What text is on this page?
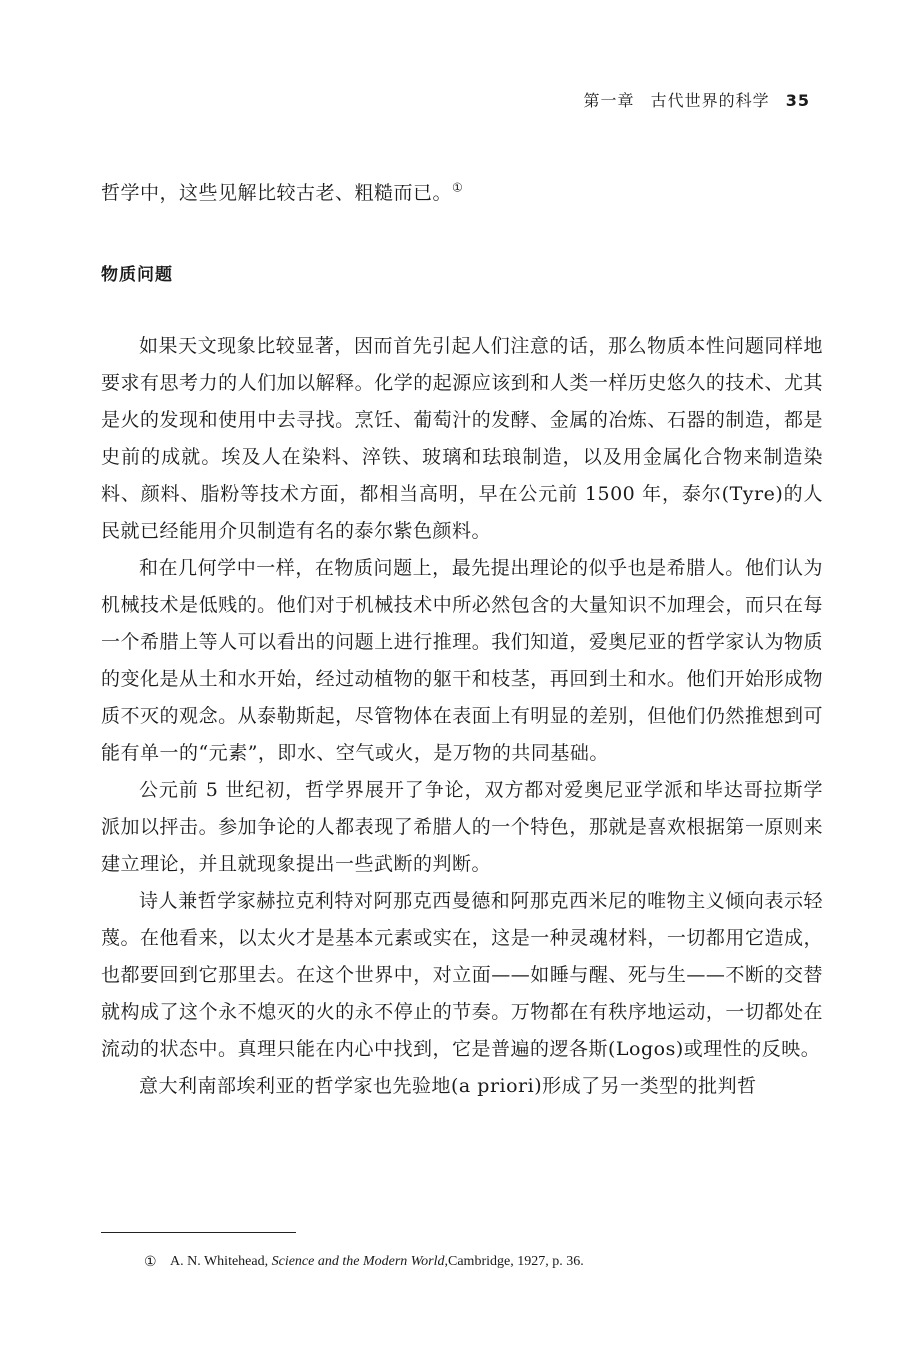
第一章 古代世界的科学 35
哲学中，这些见解比较古老、粗糙而已。①
物质问题

如果天文现象比较显著，因而首先引起人们注意的话，那么物质本性问题同样地要求有思考力的人们加以解释。化学的起源应该到和人类一样历史悠久的技术、尤其是火的发现和使用中去寻找。烹饪、葡萄汁的发酵、金属的冶炼、石器的制造，都是史前的成就。埃及人在染料、淬铁、玻璃和珐琅制造，以及用金属化合物来制造染料、颜料、脂粉等技术方面，都相当高明，早在公元前 1500 年，泰尔(Tyre)的人民就已经能用介贝制造有名的泰尔紫色颜料。

和在几何学中一样，在物质问题上，最先提出理论的似乎也是希腊人。他们认为机械技术是低贱的。他们对于机械技术中所必然包含的大量知识不加理会，而只在每一个希腊上等人可以看出的问题上进行推理。我们知道，爱奥尼亚的哲学家认为物质的变化是从土和水开始，经过动植物的躯干和枝茎，再回到土和水。他们开始形成物质不灭的观念。从泰勒斯起，尽管物体在表面上有明显的差别，但他们仍然推想到可能有单一的“元素”，即水、空气或火，是万物的共同基础。

公元前 5 世纪初，哲学界展开了争论，双方都对爱奥尼亚学派和毕达哥拉斯学派加以抨击。参加争论的人都表现了希腊人的一个特色，那就是喜欢根据第一原则来建立理论，并且就现象提出一些武断的判断。

诗人兼哲学家赫拉克利特对阿那克西曼德和阿那克西米尼的唯物主义倾向表示轻蔑。在他看来，以太火才是基本元素或实在，这是一种灵魂材料，一切都用它造成，也都要回到它那里去。在这个世界中，对立面——如睡与醒、死与生——不断的交替就构成了这个永不熄灭的火的永不停止的节奏。万物都在有秩序地运动，一切都处在流动的状态中。真理只能在内心中找到，它是普遍的逻各斯(Logos)或理性的反映。

意大利南部埃利亚的哲学家也先验地(a priori)形成了另一类型的批判哲

① A. N. Whitehead, Science and the Modern World,Cambridge, 1927, p. 36.
